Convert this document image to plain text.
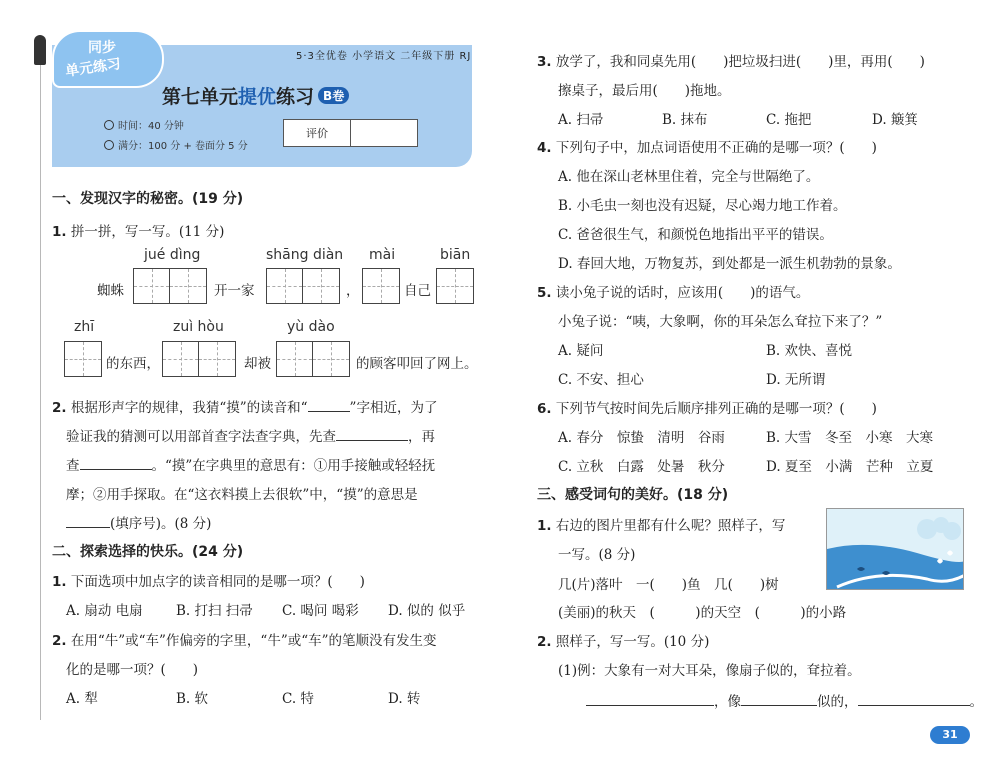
同步
单元练习	5·3全优卷 小学语文 二年级下册 RJ
第七单元提优练习 B卷
时间：40 分钟
满分：100 分 + 卷面分 5 分
评价
一、发现汉字的秘密。(19 分)
1. 拼一拼，写一写。(11 分)
jué dìng	shāng diàn mài	biān
蜘蛛	开一家	，	自己
zhī	zuì hòu	yù dào
的东西，	却被	的顾客叩回了网上。
2. 根据形声字的规律，我猜“摸”的读音和“	”字相近，为了
验证我的猜测可以用部首查字法查字典，先查	，再
查	。“摸”在字典里的意思有：①用手接触或轻轻抚
摩；②用手探取。在“这衣料摸上去很软”中，“摸”的意思是
(填序号)。(8 分)
二、探索选择的快乐。(24 分)
1. 下面选项中加点字的读音相同的是哪一项？(　　)
A. 扇动 电扇 B. 打扫 扫帚 C. 喝问 喝彩 D. 似的 似乎
2. 在用“牛”或“车”作偏旁的字里，“牛”或“车”的笔顺没有发生变
化的是哪一项？(　　)
A. 犁	B. 软	C. 特	D. 转
3. 放学了，我和同桌先用(　　)把垃圾扫进(　　)里，再用(　　)
擦桌子，最后用(　　)拖地。
A. 扫帚	B. 抹布	C. 拖把	D. 簸箕
4. 下列句子中，加点词语使用不正确的是哪一项？(　　)
A. 他在深山老林里住着，完全与世隔绝了。
B. 小毛虫一刻也没有迟疑，尽心竭力地工作着。
C. 爸爸很生气，和颜悦色地指出平平的错误。
D. 春回大地，万物复苏，到处都是一派生机勃勃的景象。
5. 读小兔子说的话时，应该用(　　)的语气。
小兔子说：“咦，大象啊，你的耳朵怎么耷拉下来了？”
A. 疑问	B. 欢快、喜悦
C. 不安、担心	D. 无所谓
6. 下列节气按时间先后顺序排列正确的是哪一项？(　　)
A. 春分　惊蛰　清明　谷雨	B. 大雪　冬至　小寒　大寒
C. 立秋　白露　处暑　秋分	D. 夏至　小满　芒种　立夏
三、感受词句的美好。(18 分)
1. 右边的图片里都有什么呢？照样子，写
一写。(8 分)
几(片)落叶　一(　　)鱼　几(　　)树
(美丽)的秋天　(　　　)的天空　(　　　)的小路
2. 照样子，写一写。(10 分)
(1)例：大象有一对大耳朵，像扇子似的，耷拉着。
，像	似的，	。
31
